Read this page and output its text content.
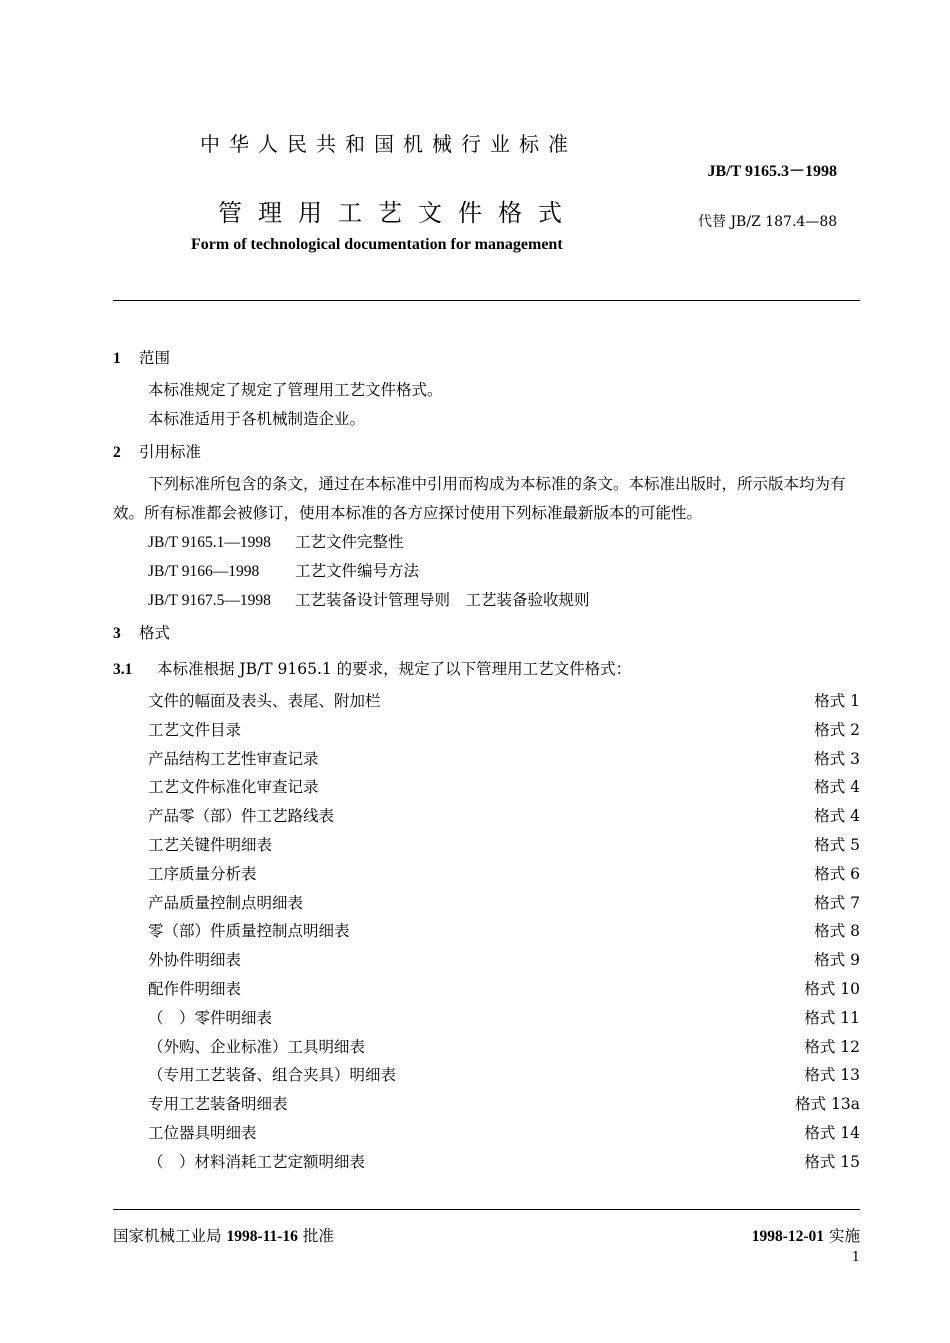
中华人民共和国机械行业标准
JB/T 9165.3－1998
管理用工艺文件格式	代替 JB/Z 187.4—88
Form of technological documentation for management

1 范围

本标准规定了规定了管理用工艺文件格式。

本标准适用于各机械制造企业。

2 引用标准

下列标准所包含的条文，通过在本标准中引用而构成为本标准的条文。本标准出版时，所示版本均为有效。所有标准都会被修订，使用本标准的各方应探讨使用下列标准最新版本的可能性。

JB/T 9165.1—1998	工艺文件完整性

JB/T 9166—1998	工艺文件编号方法

JB/T 9167.5—1998	工艺装备设计管理导则　工艺装备验收规则

3 格式

3.1 本标准根据 JB/T 9165.1 的要求，规定了以下管理用工艺文件格式：

文件的幅面及表头、表尾、附加栏	格式 1
工艺文件目录	格式 2
产品结构工艺性审查记录	格式 3
工艺文件标准化审查记录	格式 4
产品零（部）件工艺路线表	格式 4
工艺关键件明细表	格式 5
工序质量分析表	格式 6
产品质量控制点明细表	格式 7
零（部）件质量控制点明细表	格式 8
外协件明细表	格式 9
配作件明细表	格式 10
（　）零件明细表	格式 11
（外购、企业标准）工具明细表	格式 12
（专用工艺装备、组合夹具）明细表	格式 13
专用工艺装备明细表	格式 13a
工位器具明细表	格式 14
（　）材料消耗工艺定额明细表	格式 15
国家机械工业局 1998-11-16 批准	1998-12-01 实施
1
